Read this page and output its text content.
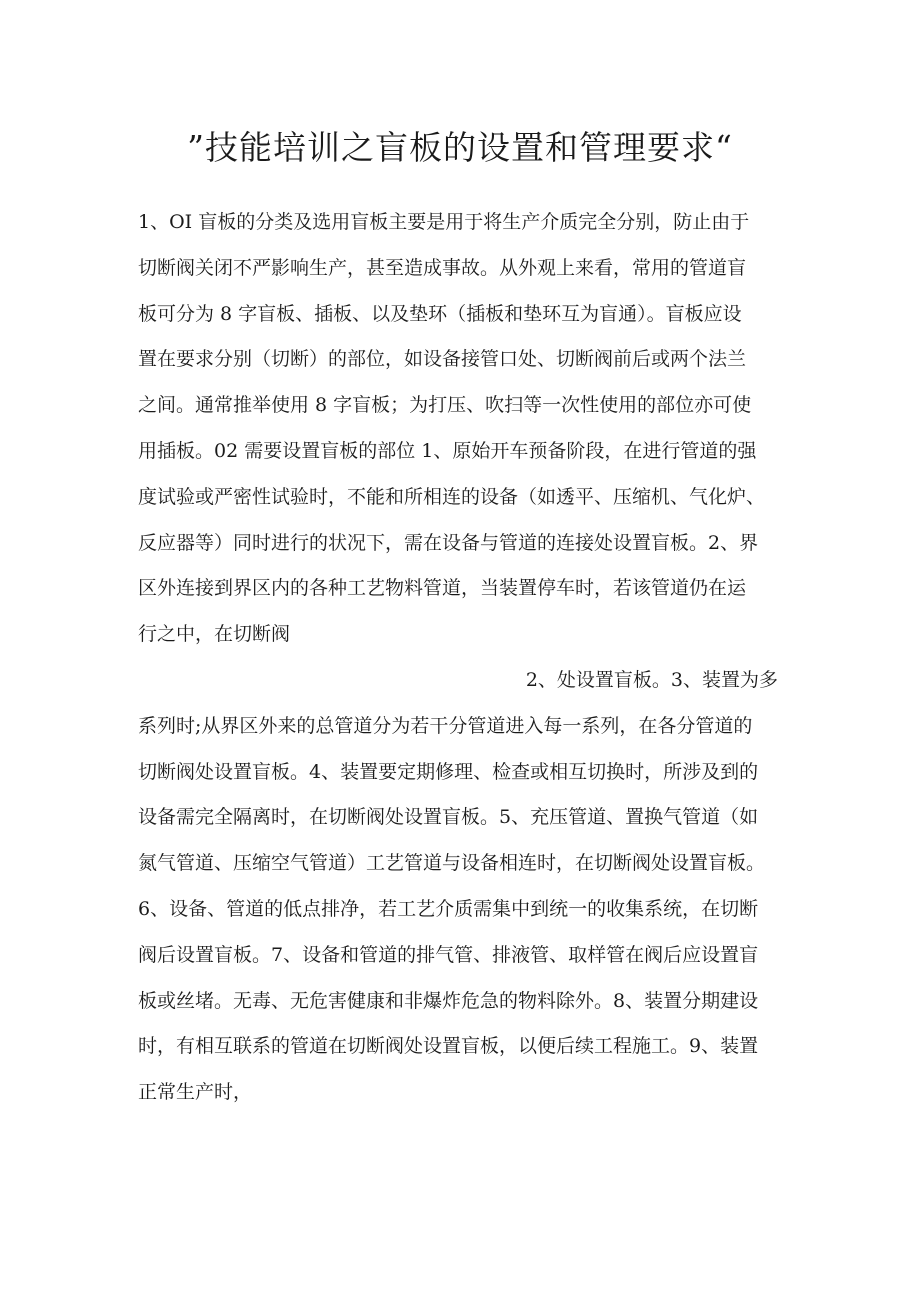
”技能培训之盲板的设置和管理要求“
1、OI 盲板的分类及选用盲板主要是用于将生产介质完全分别，防止由于
切断阀关闭不严影响生产，甚至造成事故。从外观上来看，常用的管道盲
板可分为 8 字盲板、插板、以及垫环（插板和垫环互为盲通）。盲板应设
置在要求分别（切断）的部位，如设备接管口处、切断阀前后或两个法兰
之间。通常推举使用 8 字盲板；为打压、吹扫等一次性使用的部位亦可使
用插板。02 需要设置盲板的部位 1、原始开车预备阶段，在进行管道的强
度试验或严密性试验时，不能和所相连的设备（如透平、压缩机、气化炉、
反应器等）同时进行的状况下，需在设备与管道的连接处设置盲板。2、界
区外连接到界区内的各种工艺物料管道，当装置停车时，若该管道仍在运
行之中，在切断阀
2、处设置盲板。3、装置为多
系列时;从界区外来的总管道分为若干分管道进入每一系列，在各分管道的
切断阀处设置盲板。4、装置要定期修理、检查或相互切换时，所涉及到的
设备需完全隔离时，在切断阀处设置盲板。5、充压管道、置换气管道（如
氮气管道、压缩空气管道）工艺管道与设备相连时，在切断阀处设置盲板。
6、设备、管道的低点排净，若工艺介质需集中到统一的收集系统，在切断
阀后设置盲板。7、设备和管道的排气管、排液管、取样管在阀后应设置盲
板或丝堵。无毒、无危害健康和非爆炸危急的物料除外。8、装置分期建设
时，有相互联系的管道在切断阀处设置盲板，以便后续工程施工。9、装置
正常生产时，
